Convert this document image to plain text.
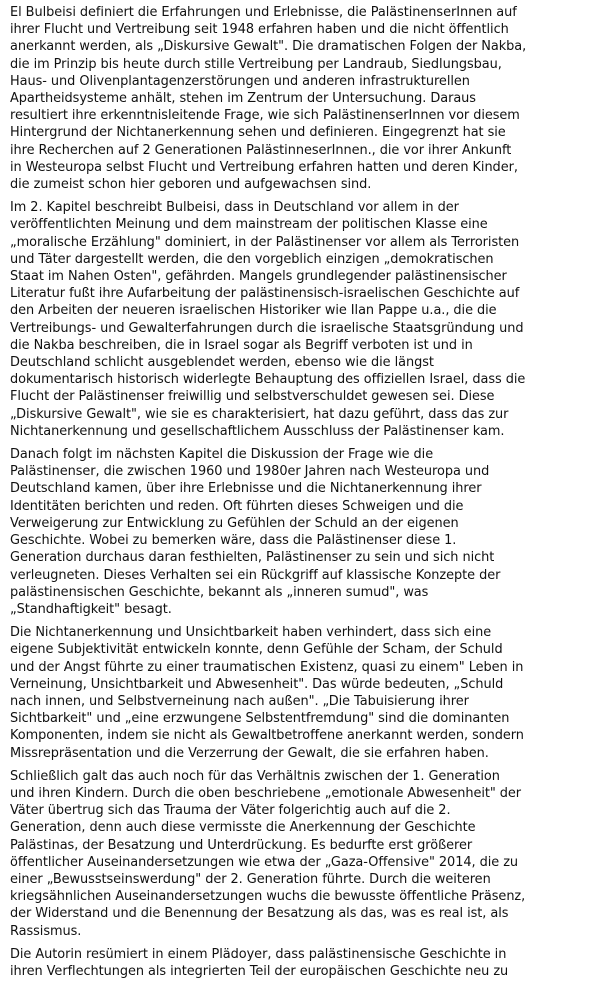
El Bulbeisi definiert die Erfahrungen und Erlebnisse, die PalästinenserInnen auf
ihrer Flucht und Vertreibung seit 1948 erfahren haben und die nicht öffentlich
anerkannt werden, als „Diskursive Gewalt". Die dramatischen Folgen der Nakba,
die im Prinzip bis heute durch stille Vertreibung per Landraub, Siedlungsbau,
Haus- und Olivenplantagenzerstörungen und anderen infrastrukturellen
Apartheidsysteme anhält, stehen im Zentrum der Untersuchung. Daraus
resultiert ihre erkenntnisleitende Frage, wie sich PalästinenserInnen vor diesem
Hintergrund der Nichtanerkennung sehen und definieren. Eingegrenzt hat sie
ihre Recherchen auf 2 Generationen PalästinneserInnen., die vor ihrer Ankunft
in Westeuropa selbst Flucht und Vertreibung erfahren hatten und deren Kinder,
die zumeist schon hier geboren und aufgewachsen sind.

Im 2. Kapitel beschreibt Bulbeisi, dass in Deutschland vor allem in der
veröffentlichten Meinung und dem mainstream der politischen Klasse eine
„moralische Erzählung" dominiert, in der Palästinenser vor allem als Terroristen
und Täter dargestellt werden, die den vorgeblich einzigen „demokratischen
Staat im Nahen Osten", gefährden. Mangels grundlegender palästinensischer
Literatur fußt ihre Aufarbeitung der palästinensisch-israelischen Geschichte auf
den Arbeiten der neueren israelischen Historiker wie Ilan Pappe u.a., die die
Vertreibungs- und Gewalterfahrungen durch die israelische Staatsgründung und
die Nakba beschreiben, die in Israel sogar als Begriff verboten ist und in
Deutschland schlicht ausgeblendet werden, ebenso wie die längst
dokumentarisch historisch widerlegte Behauptung des offiziellen Israel, dass die
Flucht der Palästinenser freiwillig und selbstverschuldet gewesen sei. Diese
„Diskursive Gewalt", wie sie es charakterisiert, hat dazu geführt, dass das zur
Nichtanerkennung und gesellschaftlichem Ausschluss der Palästinenser kam.

Danach folgt im nächsten Kapitel die Diskussion der Frage wie die
Palästinenser, die zwischen 1960 und 1980er Jahren nach Westeuropa und
Deutschland kamen, über ihre Erlebnisse und die Nichtanerkennung ihrer
Identitäten berichten und reden. Oft führten dieses Schweigen und die
Verweigerung zur Entwicklung zu Gefühlen der Schuld an der eigenen
Geschichte. Wobei zu bemerken wäre, dass die Palästinenser diese 1.
Generation durchaus daran festhielten, Palästinenser zu sein und sich nicht
verleugneten. Dieses Verhalten sei ein Rückgriff auf klassische Konzepte der
palästinensischen Geschichte, bekannt als „inneren sumud", was
„Standhaftigkeit" besagt.

Die Nichtanerkennung und Unsichtbarkeit haben verhindert, dass sich eine
eigene Subjektivität entwickeln konnte, denn Gefühle der Scham, der Schuld
und der Angst führte zu einer traumatischen Existenz, quasi zu einem" Leben in
Verneinung, Unsichtbarkeit und Abwesenheit". Das würde bedeuten, „Schuld
nach innen, und Selbstverneinung nach außen". „Die Tabuisierung ihrer
Sichtbarkeit" und „eine erzwungene Selbstentfremdung" sind die dominanten
Komponenten, indem sie nicht als Gewaltbetroffene anerkannt werden, sondern
Missrepräsentation und die Verzerrung der Gewalt, die sie erfahren haben.

Schließlich galt das auch noch für das Verhältnis zwischen der 1. Generation
und ihren Kindern. Durch die oben beschriebene „emotionale Abwesenheit" der
Väter übertrug sich das Trauma der Väter folgerichtig auch auf die 2.
Generation, denn auch diese vermisste die Anerkennung der Geschichte
Palästinas, der Besatzung und Unterdrückung. Es bedurfte erst größerer
öffentlicher Auseinandersetzungen wie etwa der „Gaza-Offensive" 2014, die zu
einer „Bewusstseinswerdung" der 2. Generation führte. Durch die weiteren
kriegsähnlichen Auseinandersetzungen wuchs die bewusste öffentliche Präsenz,
der Widerstand und die Benennung der Besatzung als das, was es real ist, als
Rassismus.

Die Autorin resümiert in einem Plädoyer, dass palästinensische Geschichte in
ihren Verflechtungen als integrierten Teil der europäischen Geschichte neu zu
